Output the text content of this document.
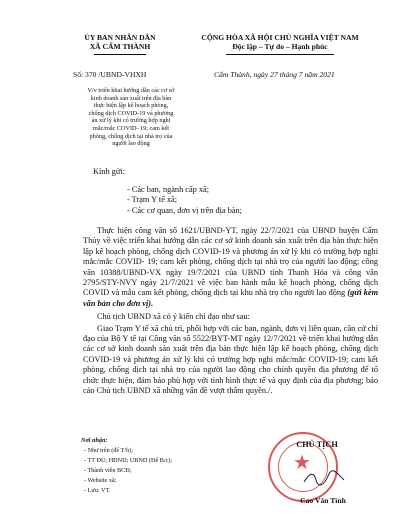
ỦY BAN NHÂN DÂN
XÃ CẨM THÀNH
CỘNG HÒA XÃ HỘI CHỦ NGHĨA VIỆT NAM
Độc lập – Tự do – Hạnh phúc
Số: 370 /UBND-VHXH	Cẩm Thành, ngày 27 tháng 7 năm 2021
V/v triển khai hướng dẫn các cơ sở
kinh doanh sản xuất trên địa bàn
thực hiện lập kế hoạch phòng,
chống dịch COVID-19 và phương
án xử lý khi có trường hợp nghi
mắc/mắc COVID- 19; cam kết
phòng, chống dịch tại nhà trọ của
người lao động
Kính gửi:
- Các ban, ngành cấp xã;
- Trạm Y tế xã;
- Các cơ quan, đơn vị trên địa bàn;

Thực hiện công văn số 1621/UBND-YT, ngày 22/7/2021 của UBND huyện Cẩm Thủy về việc triển khai hướng dẫn các cơ sở kinh doanh sản xuất trên địa bàn thực hiện lập kế hoạch phòng, chống dịch COVID-19 và phương án xử lý khi có trường hợp nghi mắc/mắc COVID- 19; cam kết phòng, chống dịch tại nhà trọ của người lao động; công văn 10388/UBND-VX ngày 19/7/2021 của UBND tỉnh Thanh Hóa và công văn 2795/STY-NVY ngày 21/7/2021 về việc ban hành mẫu kế hoạch phòng, chống dịch COVID và mẫu cam kết phòng, chống dịch tại khu nhà trọ cho người lao động (gửi kèm văn bản cho đơn vị).

Chủ tịch UBND xã có ý kiến chỉ đạo như sau:

Giao Trạm Y tế xã chủ trì, phối hợp với các ban, ngành, đơn vị liên quan, căn cứ chỉ đạo của Bộ Y tế tại Công văn số 5522/BYT-MT ngày 12/7/2021 về triển khai hướng dẫn các cơ sở kinh doanh sản xuất trên địa bàn thực hiện lập kế hoạch phòng, chống dịch COVID-19 và phương án xử lý khi có trường hợp nghi mắc/mắc COVID-19; cam kết phòng, chống dịch tại nhà trọ của người lao động cho chính quyền địa phương để tổ chức thực hiện, đảm bảo phù hợp với tình hình thực tế và quy định của địa phương; báo cáo Chủ tịch UBND xã những vấn đề vượt thẩm quyền./.

Nơi nhận:
- Như trên (để T/h);
- TT ĐU; HĐND; UBND (Để B/c);
- Thành viên BCĐ;
- Website xã;
- Lưu: VT.
★
CHỦ TỊCH
Cao Văn Tình
